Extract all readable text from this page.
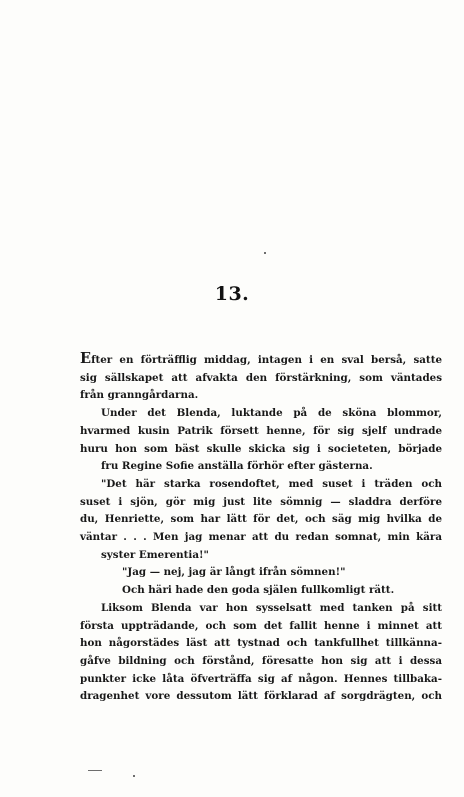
13.

Efter en förträfflig middag, intagen i en sval berså, satte
sig sällskapet att afvakta den förstärkning, som väntades
från granngårdarna.

Under det Blenda, luktande på de sköna blommor,
hvarmed kusin Patrik försett henne, för sig sjelf undrade
huru hon som bäst skulle skicka sig i societeten, började
fru Regine Sofie anställa förhör efter gästerna.

"Det här starka rosendoftet, med suset i träden och
suset i sjön, gör mig just lite sömnig — sladdra derföre
du, Henriette, som har lätt för det, och säg mig hvilka de
väntar . . . Men jag menar att du redan somnat, min kära
syster Emerentia!"

"Jag — nej, jag är långt ifrån sömnen!"

Och häri hade den goda själen fullkomligt rätt.

Liksom Blenda var hon sysselsatt med tanken på sitt
första uppträdande, och som det fallit henne i minnet att
hon någorstädes läst att tystnad och tankfullhet tillkänna-
gåfve bildning och förstånd, föresatte hon sig att i dessa
punkter icke låta öfverträffa sig af någon. Hennes tillbaka-
dragenhet vore dessutom lätt förklarad af sorgdrägten, och
